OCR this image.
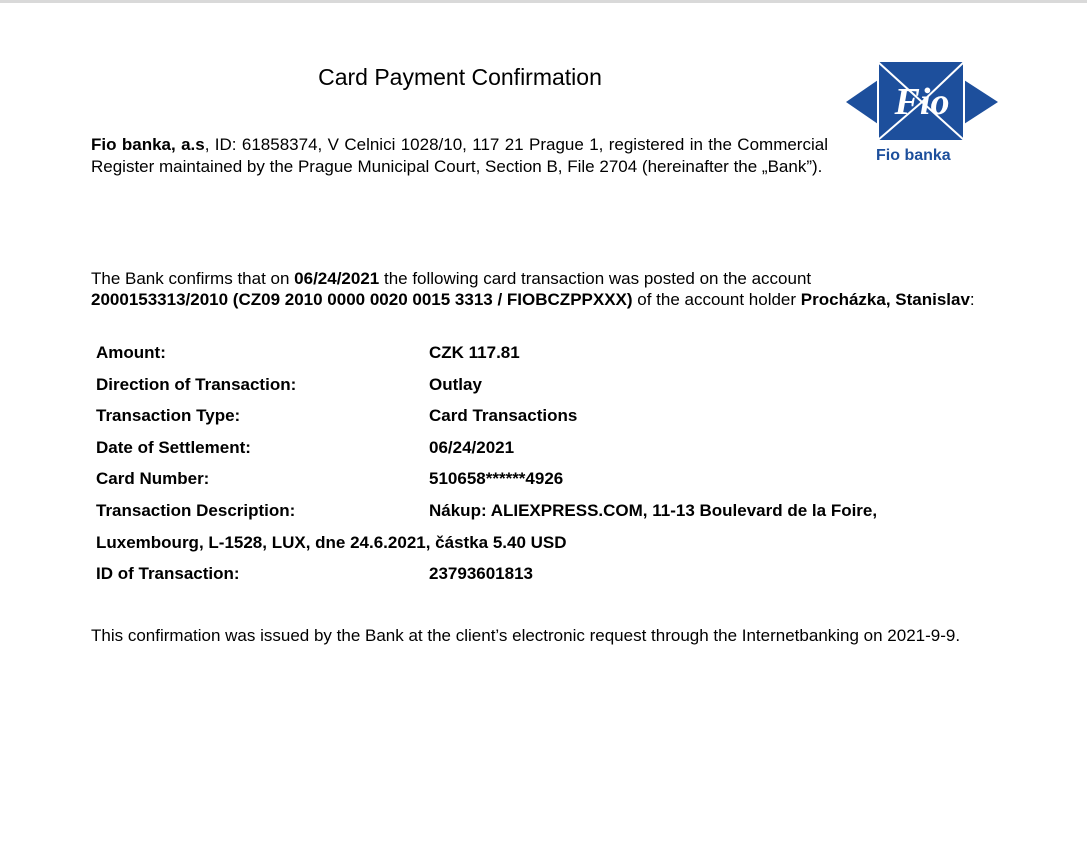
Card Payment Confirmation
Fio
Fio banka
Fio banka, a.s, ID: 61858374, V Celnici 1028/10, 117 21 Prague 1, registered in the Commercial Register maintained by the Prague Municipal Court, Section B, File 2704 (hereinafter the „Bank”).
The Bank confirms that on 06/24/2021 the following card transaction was posted on the account
2000153313/2010 (CZ09 2010 0000 0020 0015 3313 / FIOBCZPPXXX) of the account holder Procházka, Stanislav:
Amount:	CZK 117.81
Direction of Transaction:	Outlay
Transaction Type:	Card Transactions
Date of Settlement:	06/24/2021
Card Number:	510658******4926
Transaction Description:	Nákup: ALIEXPRESS.COM, 11-13 Boulevard de la Foire,
Luxembourg, L-1528, LUX, dne 24.6.2021, částka 5.40 USD
ID of Transaction:	23793601813
This confirmation was issued by the Bank at the client’s electronic request through the Internetbanking on 2021-9-9.
